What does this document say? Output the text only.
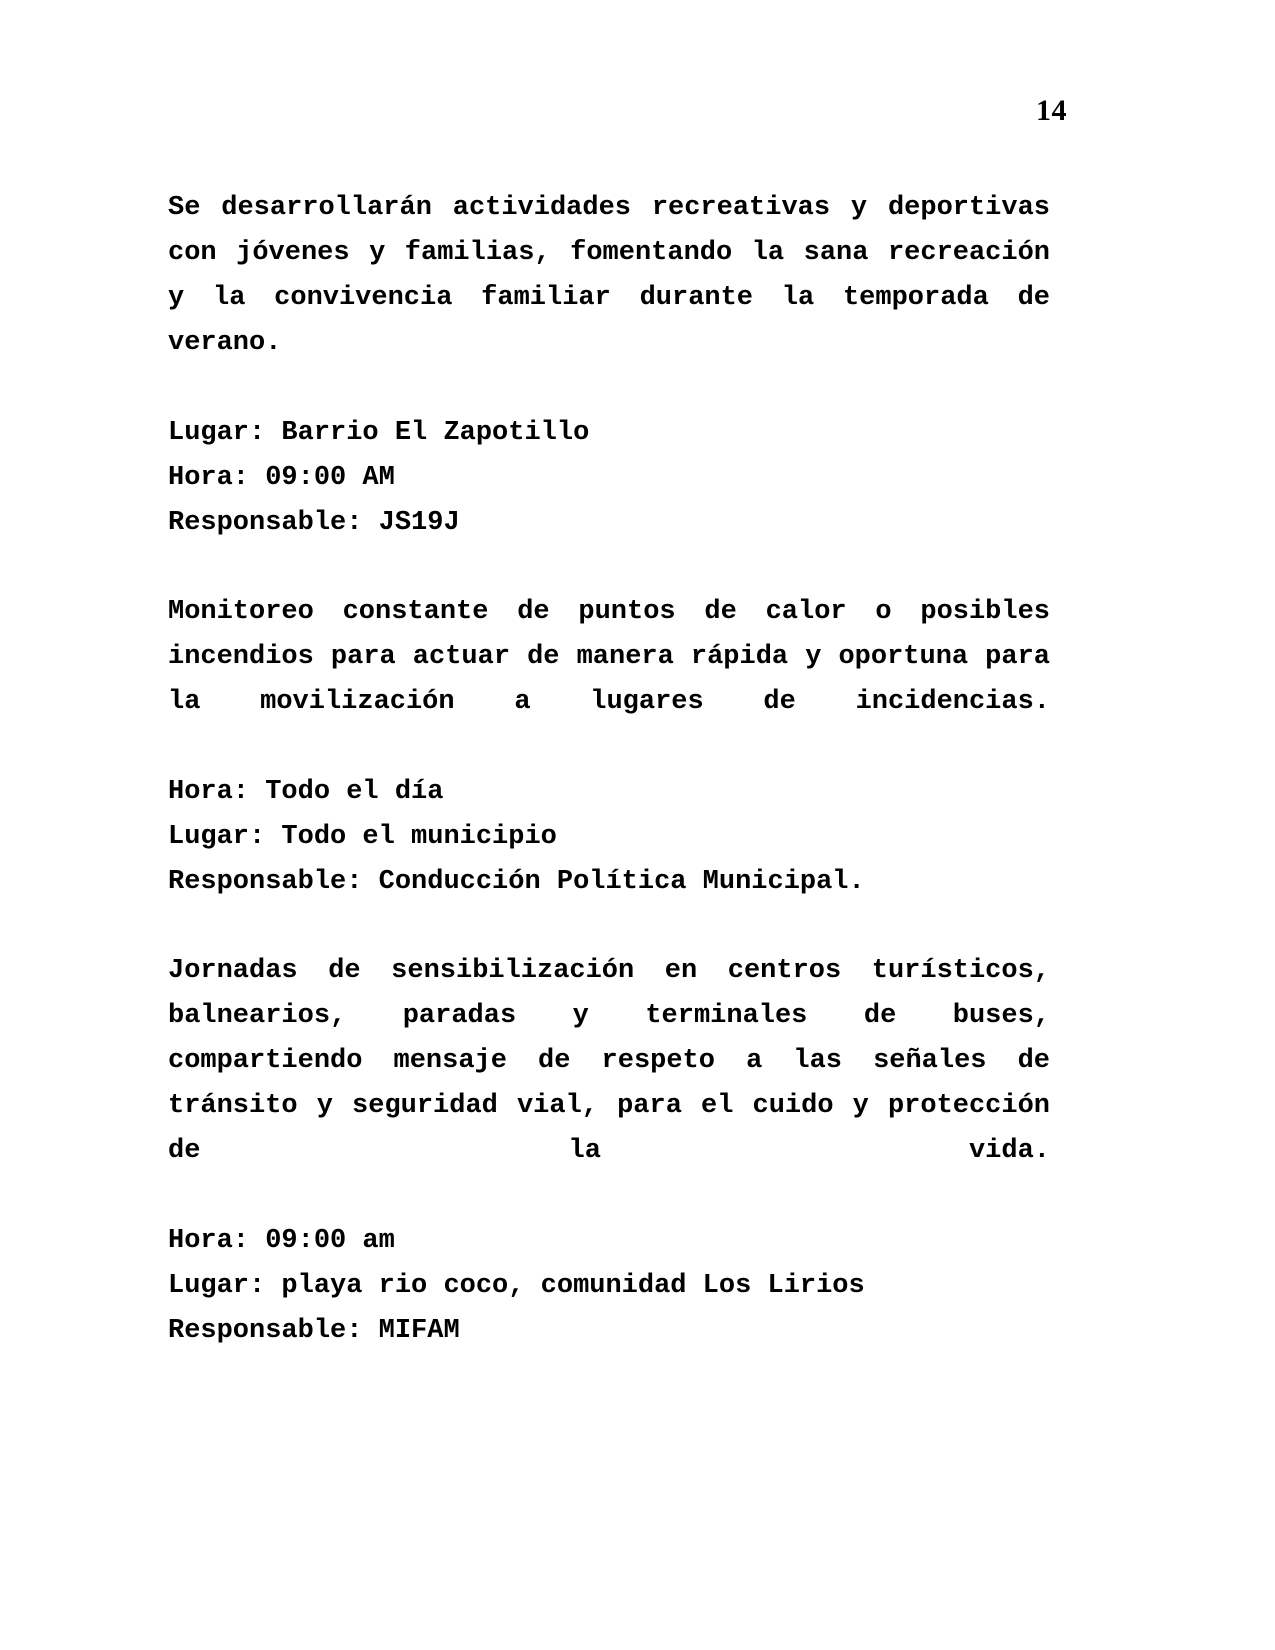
14

Se desarrollarán actividades recreativas y deportivas con jóvenes y familias, fomentando la sana recreación y la convivencia familiar durante la temporada de verano.

Lugar: Barrio El Zapotillo

Hora: 09:00 AM

Responsable: JS19J

Monitoreo constante de puntos de calor o posibles incendios para actuar de manera rápida y oportuna para la movilización a lugares de incidencias.

Hora: Todo el día

Lugar: Todo el municipio

Responsable: Conducción Política Municipal.

Jornadas de sensibilización en centros turísticos, balnearios, paradas y terminales de buses, compartiendo mensaje de respeto a las señales de tránsito y seguridad vial, para el cuido y protección de la vida.

Hora: 09:00 am

Lugar: playa rio coco, comunidad Los Lirios

Responsable: MIFAM
